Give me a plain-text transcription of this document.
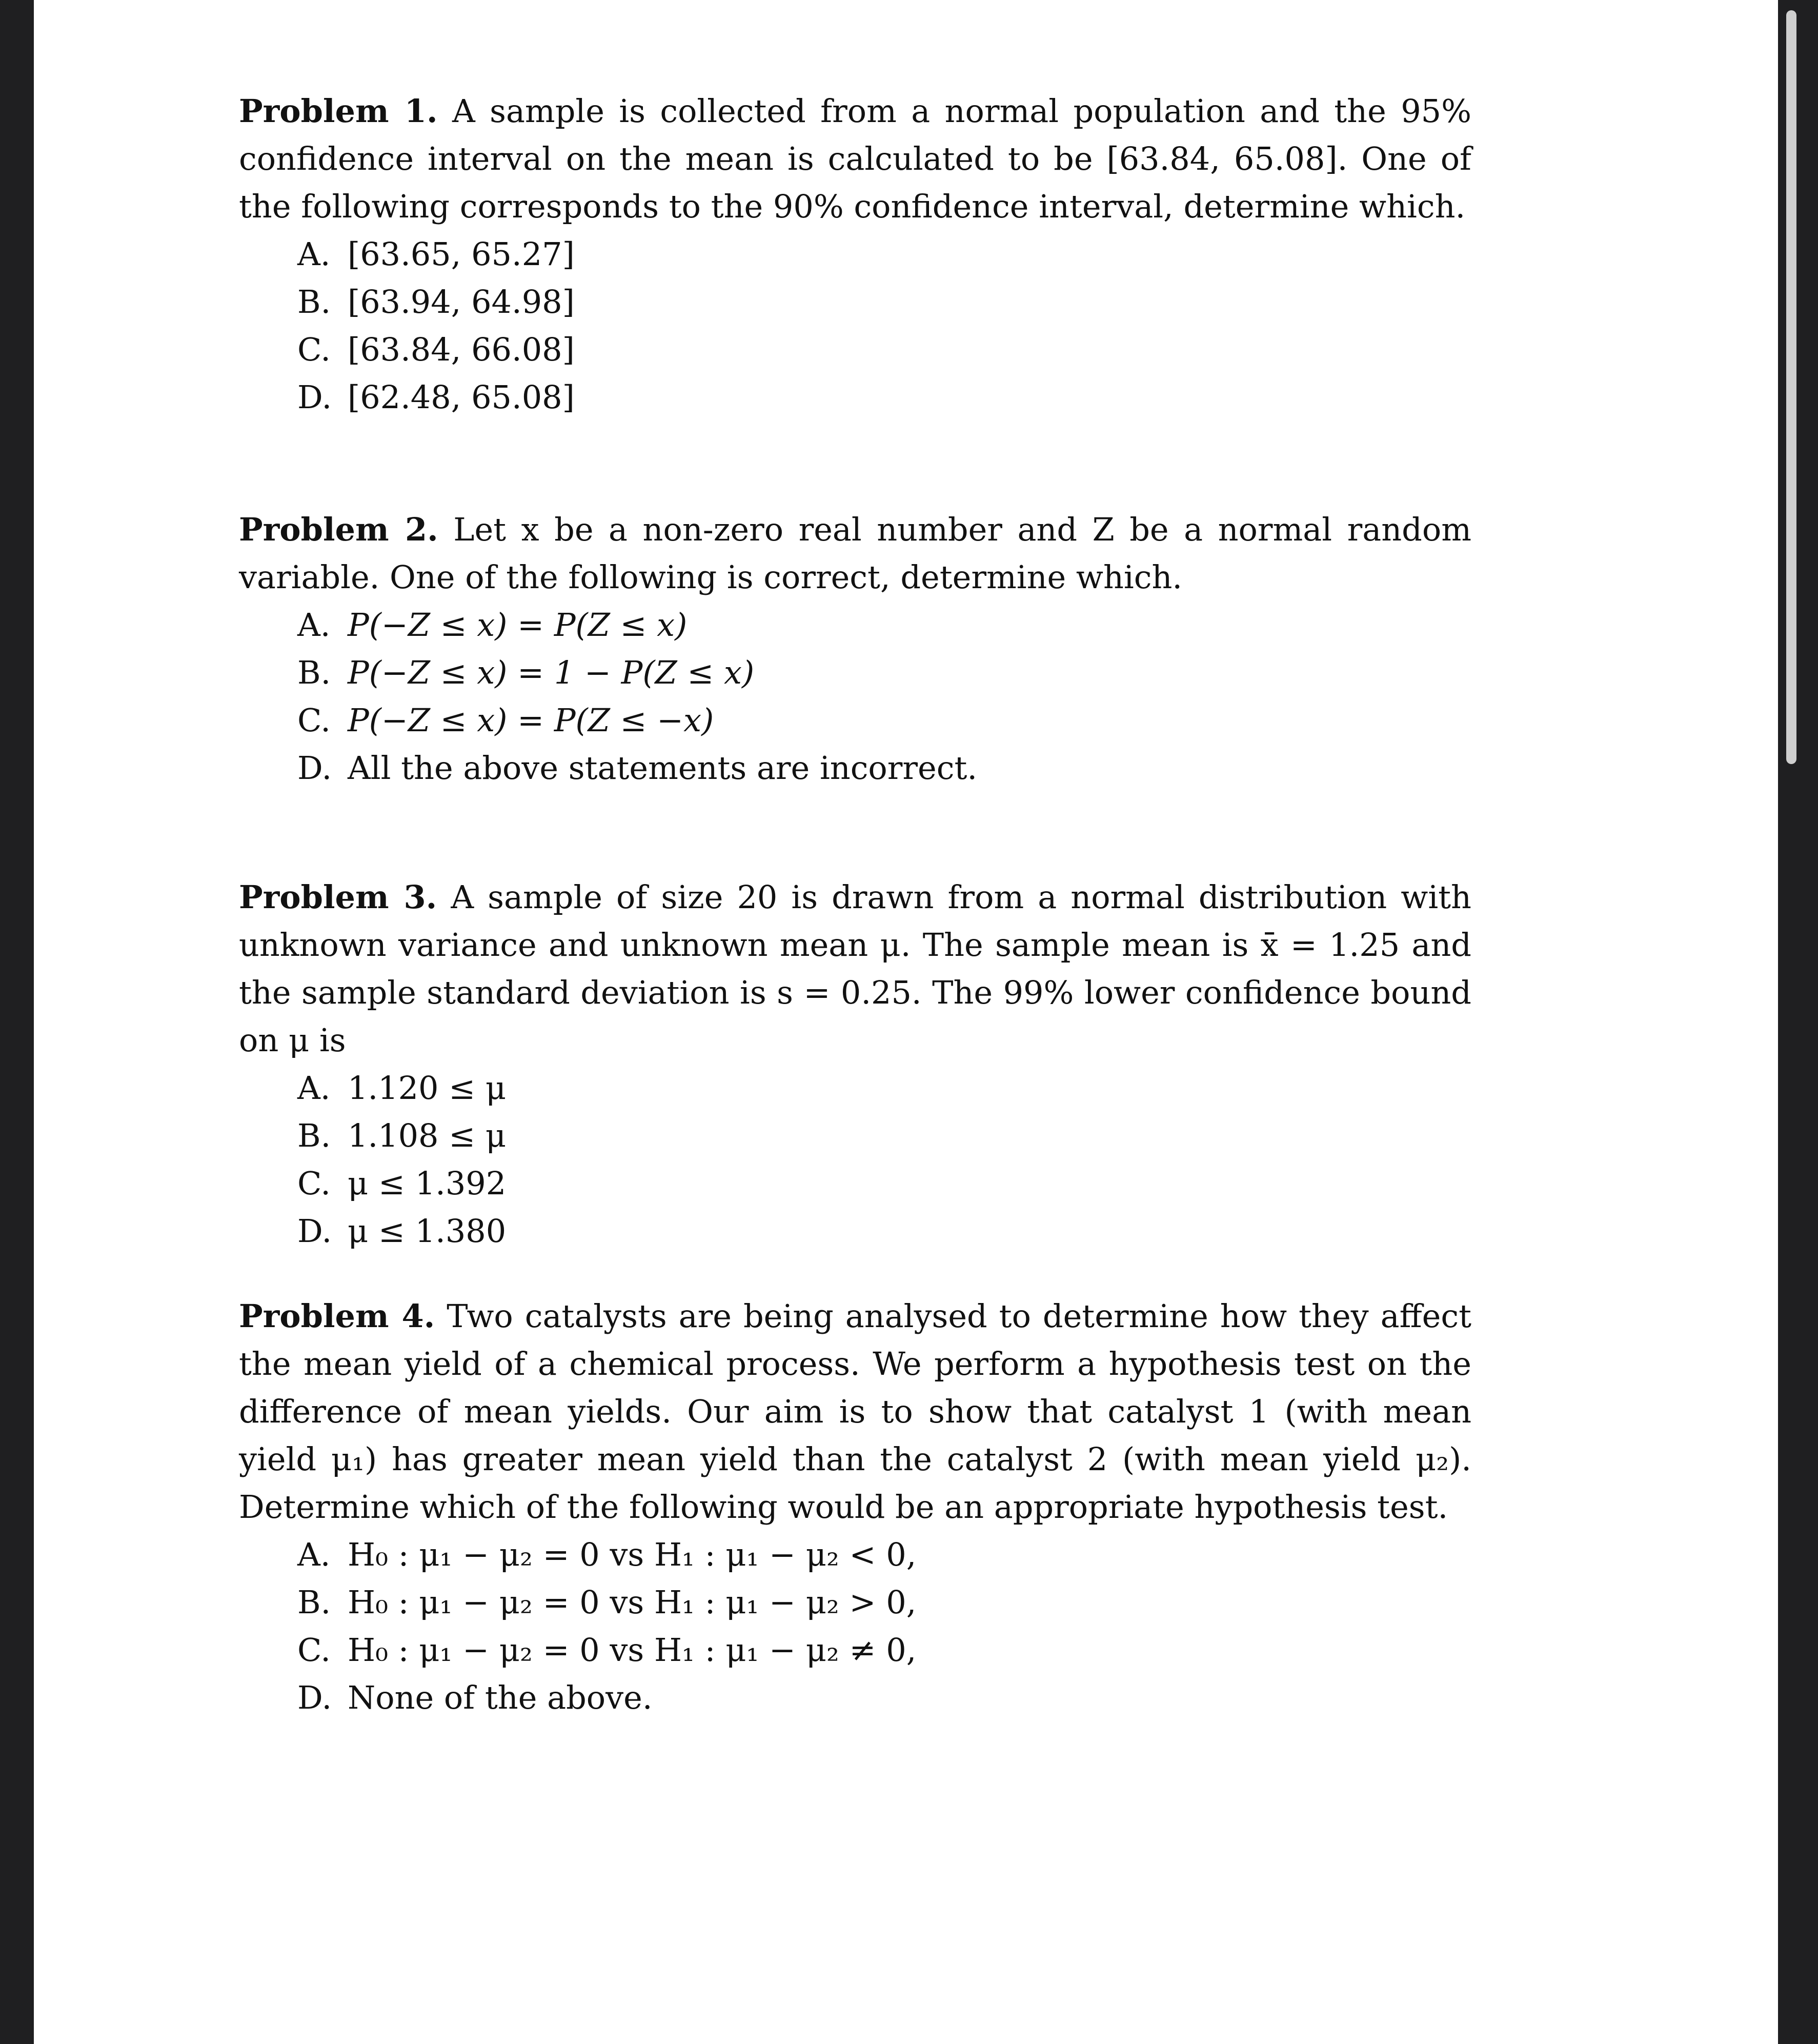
Problem 1. A sample is collected from a normal population and the 95% confidence interval on the mean is calculated to be [63.84, 65.08]. One of the following corresponds to the 90% confidence interval, determine which.

A. [63.65, 65.27]
B. [63.94, 64.98]
C. [63.84, 66.08]
D. [62.48, 65.08]

Problem 2. Let x be a non-zero real number and Z be a normal random variable. One of the following is correct, determine which.

A. P(−Z ≤ x) = P(Z ≤ x)
B. P(−Z ≤ x) = 1 − P(Z ≤ x)
C. P(−Z ≤ x) = P(Z ≤ −x)
D. All the above statements are incorrect.

Problem 3. A sample of size 20 is drawn from a normal distribution with unknown variance and unknown mean μ. The sample mean is x̄ = 1.25 and the sample standard deviation is s = 0.25. The 99% lower confidence bound on μ is

A. 1.120 ≤ μ
B. 1.108 ≤ μ
C. μ ≤ 1.392
D. μ ≤ 1.380

Problem 4. Two catalysts are being analysed to determine how they affect the mean yield of a chemical process. We perform a hypothesis test on the difference of mean yields. Our aim is to show that catalyst 1 (with mean yield μ₁) has greater mean yield than the catalyst 2 (with mean yield μ₂). Determine which of the following would be an appropriate hypothesis test.

A. H₀ : μ₁ − μ₂ = 0 vs H₁ : μ₁ − μ₂ < 0,
B. H₀ : μ₁ − μ₂ = 0 vs H₁ : μ₁ − μ₂ > 0,
C. H₀ : μ₁ − μ₂ = 0 vs H₁ : μ₁ − μ₂ ≠ 0,
D. None of the above.
